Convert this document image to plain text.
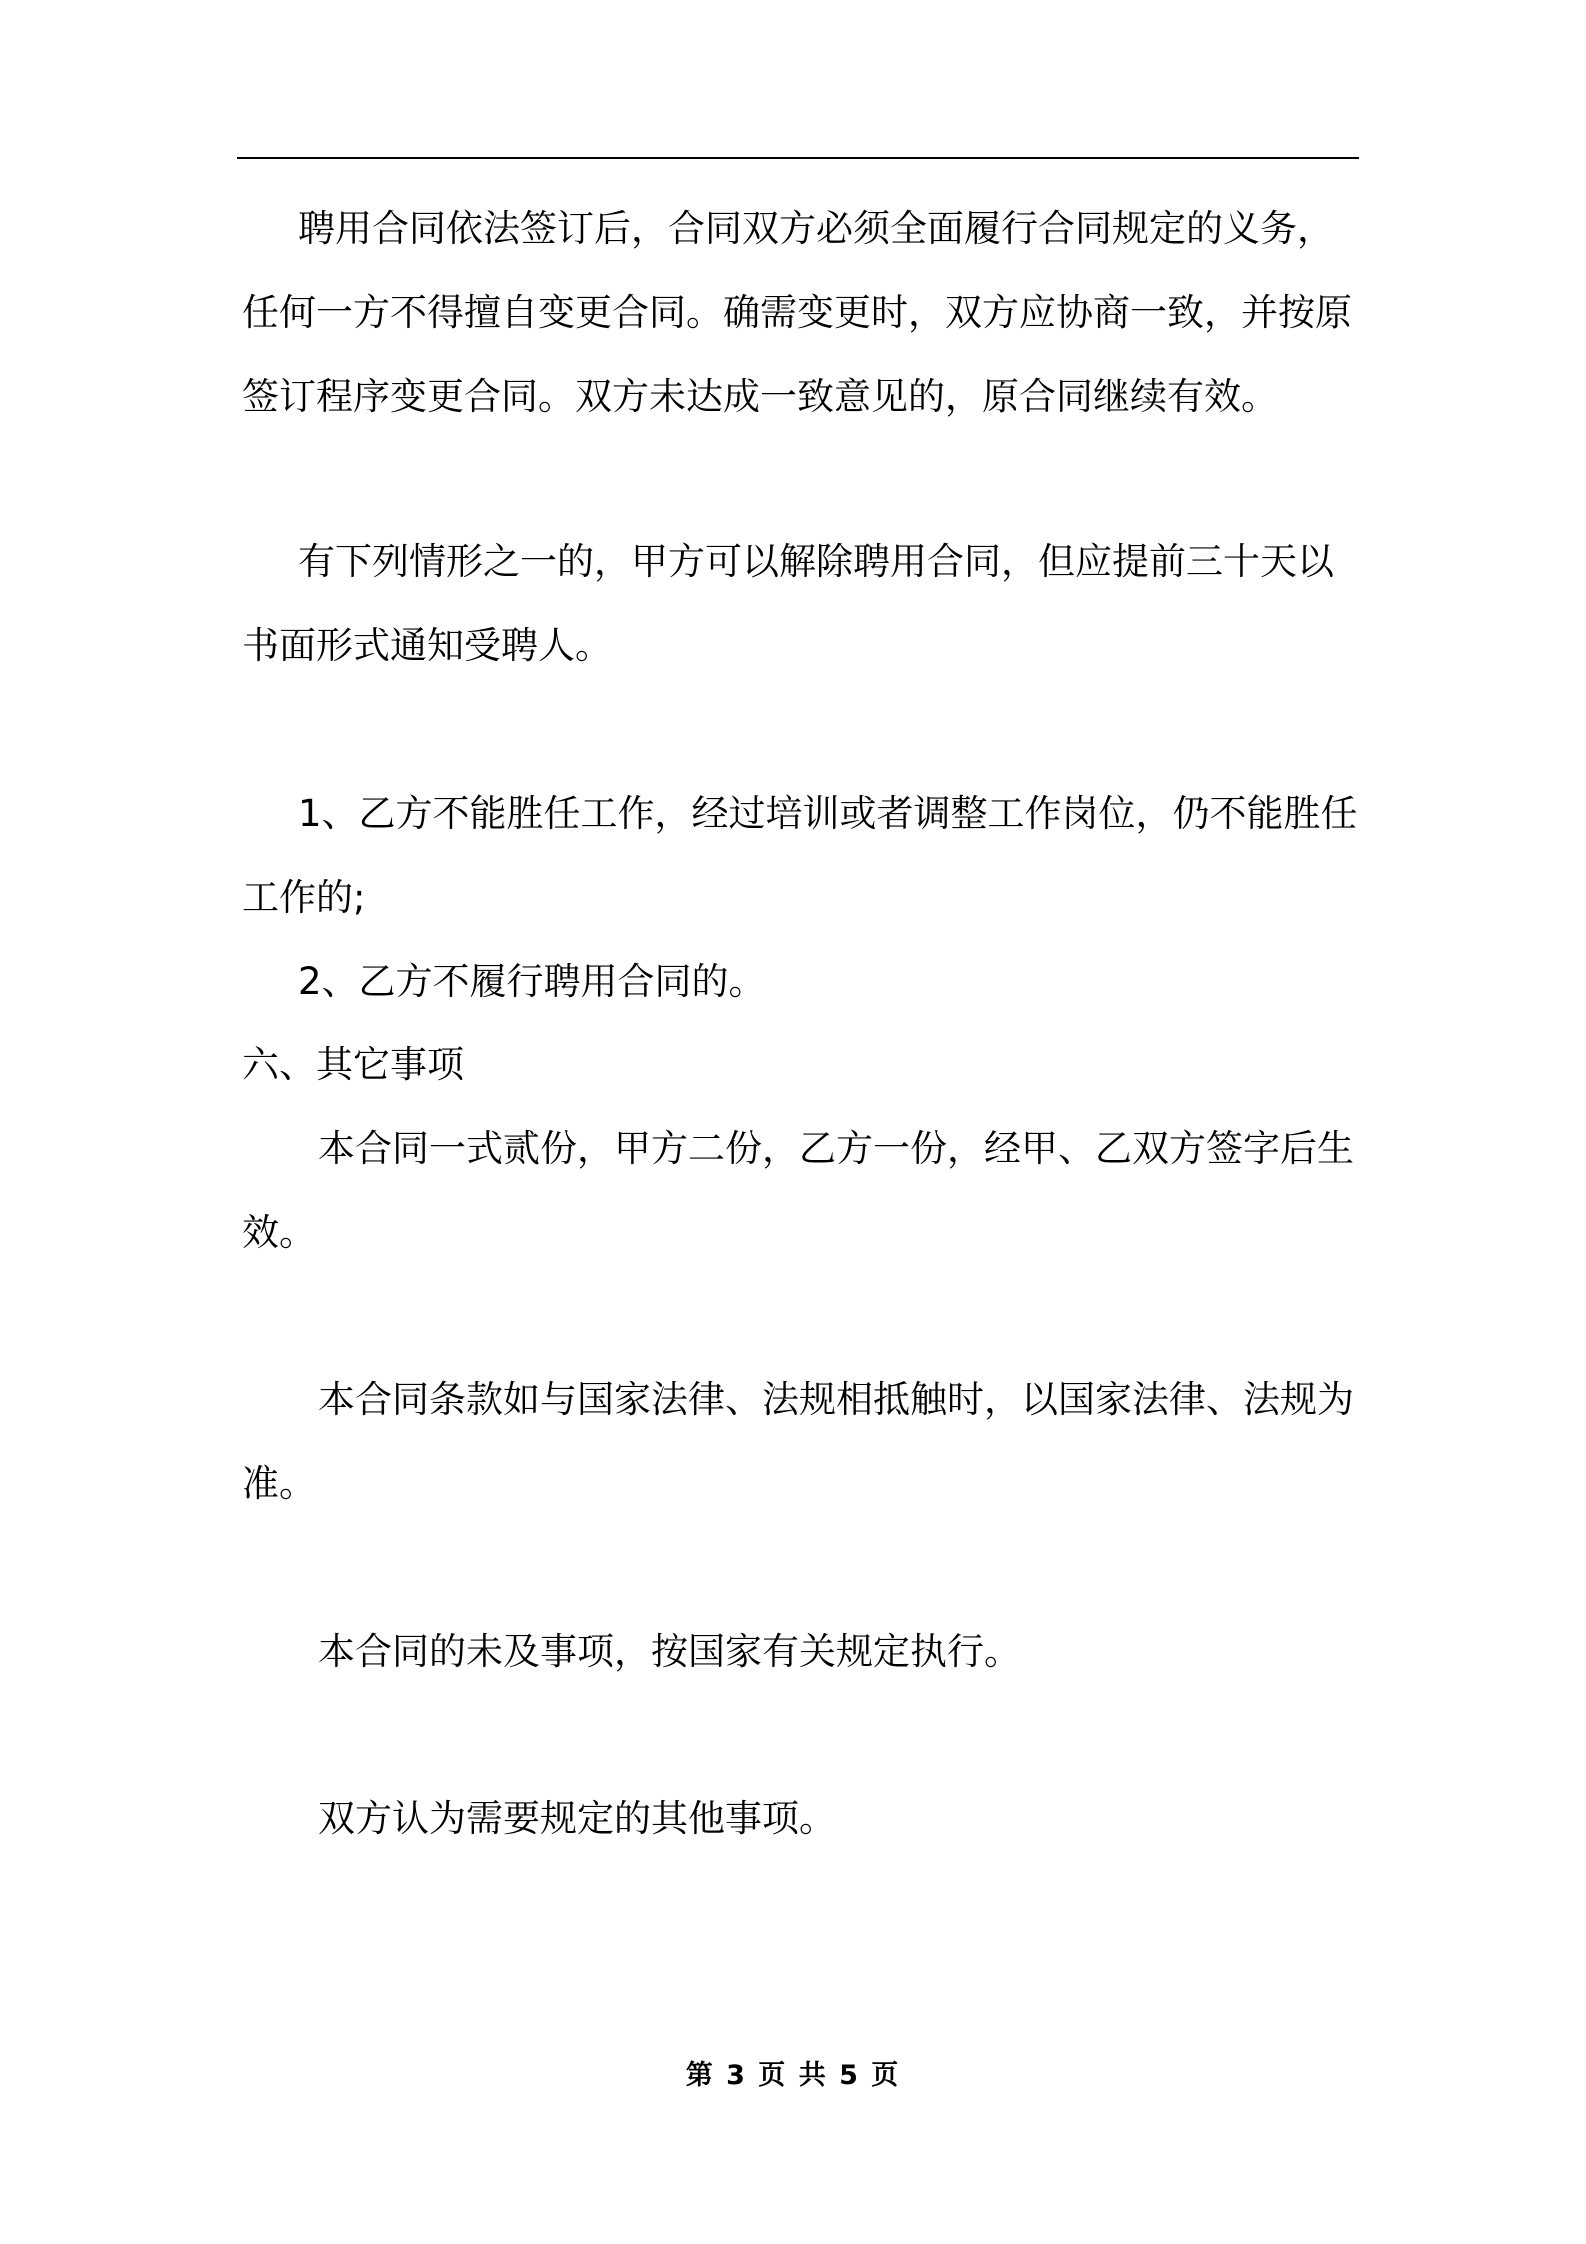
聘用合同依法签订后，合同双方必须全面履行合同规定的义务，
任何一方不得擅自变更合同。确需变更时，双方应协商一致，并按原
签订程序变更合同。双方未达成一致意见的，原合同继续有效。
有下列情形之一的，甲方可以解除聘用合同，但应提前三十天以
书面形式通知受聘人。
1、乙方不能胜任工作，经过培训或者调整工作岗位，仍不能胜任
工作的;
2、乙方不履行聘用合同的。
六、其它事项
本合同一式贰份，甲方二份，乙方一份，经甲、乙双方签字后生
效。
本合同条款如与国家法律、法规相抵触时，以国家法律、法规为
准。
本合同的未及事项，按国家有关规定执行。
双方认为需要规定的其他事项。
第 3 页 共 5 页
